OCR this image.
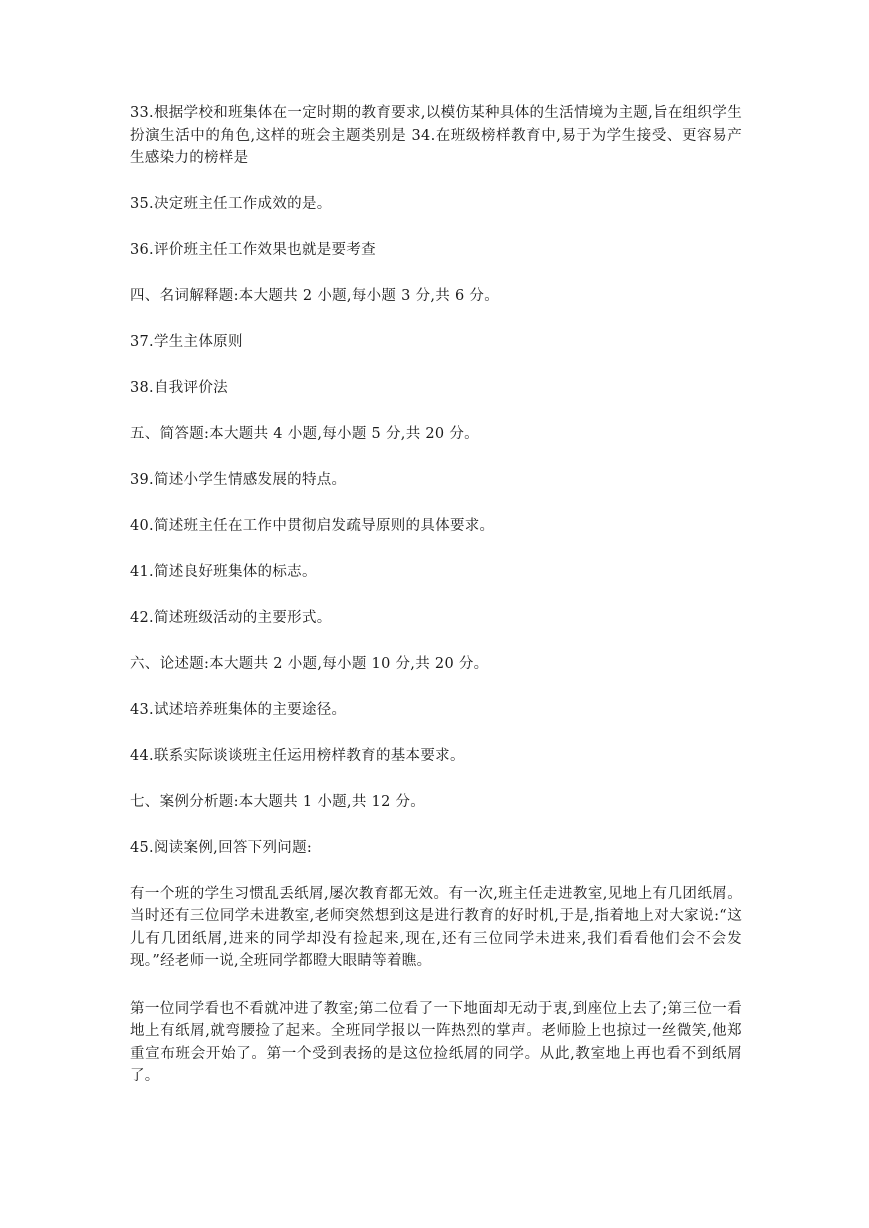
33.根据学校和班集体在一定时期的教育要求,以模仿某种具体的生活情境为主题,旨在组织学生扮演生活中的角色,这样的班会主题类别是 34.在班级榜样教育中,易于为学生接受、更容易产生感染力的榜样是

35.决定班主任工作成效的是。

36.评价班主任工作效果也就是要考查

四、名词解释题:本大题共 2 小题,每小题 3 分,共 6 分。

37.学生主体原则

38.自我评价法

五、简答题:本大题共 4 小题,每小题 5 分,共 20 分。

39.简述小学生情感发展的特点。

40.简述班主任在工作中贯彻启发疏导原则的具体要求。

41.简述良好班集体的标志。

42.简述班级活动的主要形式。

六、论述题:本大题共 2 小题,每小题 10 分,共 20 分。

43.试述培养班集体的主要途径。

44.联系实际谈谈班主任运用榜样教育的基本要求。

七、案例分析题:本大题共 1 小题,共 12 分。

45.阅读案例,回答下列问题:

有一个班的学生习惯乱丢纸屑,屡次教育都无效。有一次,班主任走进教室,见地上有几团纸屑。当时还有三位同学未进教室,老师突然想到这是进行教育的好时机,于是,指着地上对大家说:“这儿有几团纸屑,进来的同学却没有捡起来,现在,还有三位同学未进来,我们看看他们会不会发现。”经老师一说,全班同学都瞪大眼睛等着瞧。

第一位同学看也不看就冲进了教室;第二位看了一下地面却无动于衷,到座位上去了;第三位一看地上有纸屑,就弯腰捡了起来。全班同学报以一阵热烈的掌声。老师脸上也掠过一丝微笑,他郑重宣布班会开始了。第一个受到表扬的是这位捡纸屑的同学。从此,教室地上再也看不到纸屑了。
